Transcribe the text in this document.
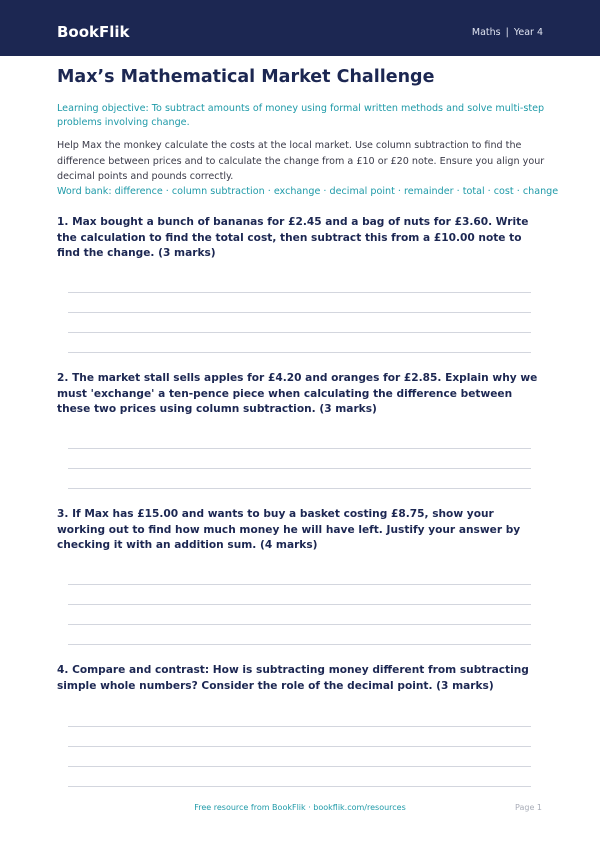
BookFlik	Maths | Year 4
Max’s Mathematical Market Challenge
Learning objective: To subtract amounts of money using formal written methods and solve multi-step problems involving change.
Help Max the monkey calculate the costs at the local market. Use column subtraction to find the difference between prices and to calculate the change from a £10 or £20 note. Ensure you align your decimal points and pounds correctly.
Word bank: difference · column subtraction · exchange · decimal point · remainder · total · cost · change
1. Max bought a bunch of bananas for £2.45 and a bag of nuts for £3.60. Write the calculation to find the total cost, then subtract this from a £10.00 note to find the change. (3 marks)
2. The market stall sells apples for £4.20 and oranges for £2.85. Explain why we must 'exchange' a ten-pence piece when calculating the difference between these two prices using column subtraction. (3 marks)
3. If Max has £15.00 and wants to buy a basket costing £8.75, show your working out to find how much money he will have left. Justify your answer by checking it with an addition sum. (4 marks)
4. Compare and contrast: How is subtracting money different from subtracting simple whole numbers? Consider the role of the decimal point. (3 marks)
Free resource from BookFlik · bookflik.com/resources	Page 1
